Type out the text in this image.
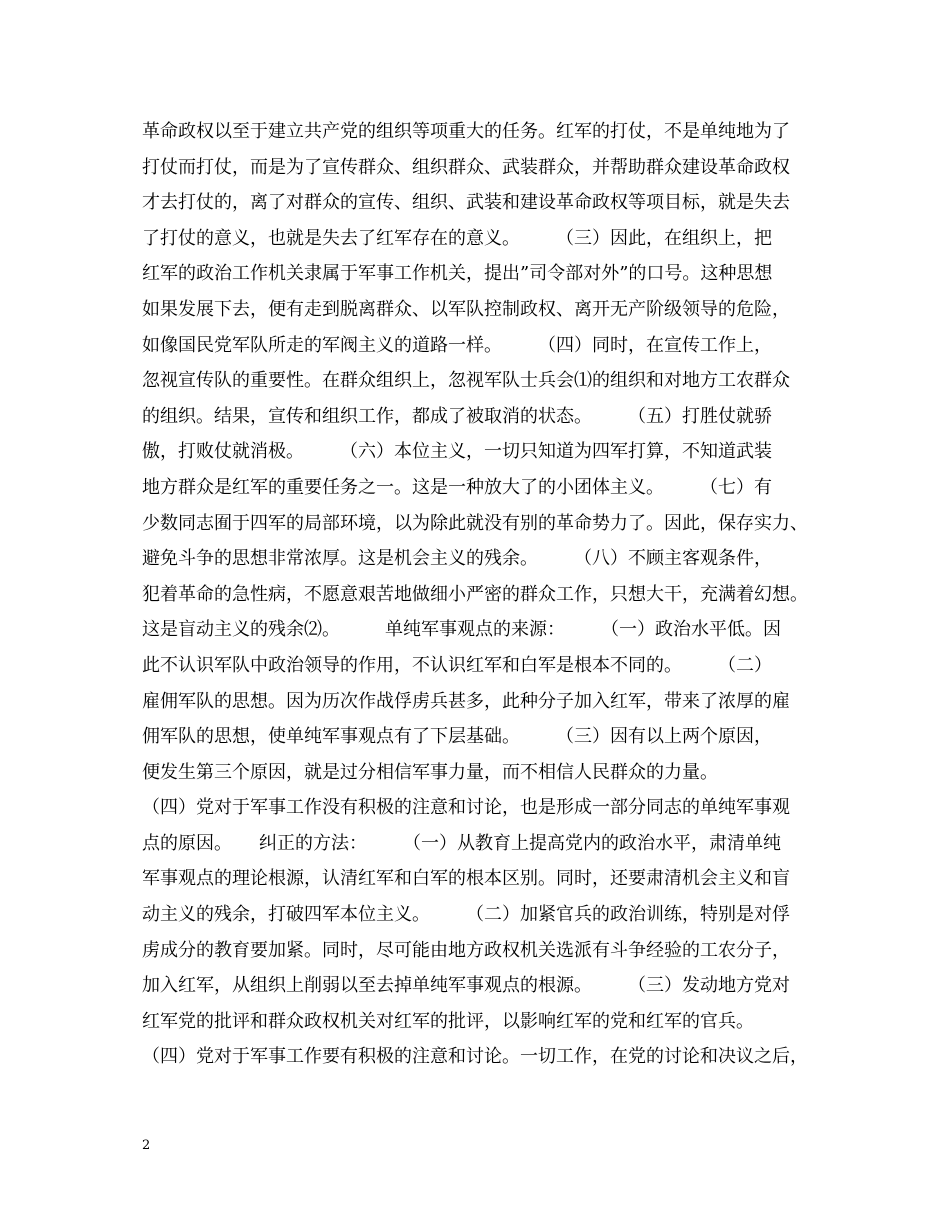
革命政权以至于建立共产党的组织等项重大的任务。红军的打仗，不是单纯地为了
打仗而打仗，而是为了宣传群众、组织群众、武装群众，并帮助群众建设革命政权
才去打仗的，离了对群众的宣传、组织、武装和建设革命政权等项目标，就是失去
了打仗的意义，也就是失去了红军存在的意义。　　　（三）因此，在组织上，把
红军的政治工作机关隶属于军事工作机关，提出”司令部对外”的口号。这种思想
如果发展下去，便有走到脱离群众、以军队控制政权、离开无产阶级领导的危险，
如像国民党军队所走的军阀主义的道路一样。　　　（四）同时，在宣传工作上，
忽视宣传队的重要性。在群众组织上，忽视军队士兵会⑴的组织和对地方工农群众
的组织。结果，宣传和组织工作，都成了被取消的状态。　　　（五）打胜仗就骄
傲，打败仗就消极。　　　（六）本位主义，一切只知道为四军打算，不知道武装
地方群众是红军的重要任务之一。这是一种放大了的小团体主义。　　　（七）有
少数同志囿于四军的局部环境，以为除此就没有别的革命势力了。因此，保存实力、
避免斗争的思想非常浓厚。这是机会主义的残余。　　　（八）不顾主客观条件，
犯着革命的急性病，不愿意艰苦地做细小严密的群众工作，只想大干，充满着幻想。
这是盲动主义的残余⑵。　　　单纯军事观点的来源：　　　（一）政治水平低。因
此不认识军队中政治领导的作用，不认识红军和白军是根本不同的。　　　（二）
雇佣军队的思想。因为历次作战俘虏兵甚多，此种分子加入红军，带来了浓厚的雇
佣军队的思想，使单纯军事观点有了下层基础。　　　（三）因有以上两个原因，
便发生第三个原因，就是过分相信军事力量，而不相信人民群众的力量。
（四）党对于军事工作没有积极的注意和讨论，也是形成一部分同志的单纯军事观
点的原因。　　纠正的方法：　　　（一）从教育上提高党内的政治水平，肃清单纯
军事观点的理论根源，认清红军和白军的根本区别。同时，还要肃清机会主义和盲
动主义的残余，打破四军本位主义。　　　（二）加紧官兵的政治训练，特别是对俘
虏成分的教育要加紧。同时，尽可能由地方政权机关选派有斗争经验的工农分子，
加入红军，从组织上削弱以至去掉单纯军事观点的根源。　　　（三）发动地方党对
红军党的批评和群众政权机关对红军的批评，以影响红军的党和红军的官兵。
（四）党对于军事工作要有积极的注意和讨论。一切工作，在党的讨论和决议之后，
2
